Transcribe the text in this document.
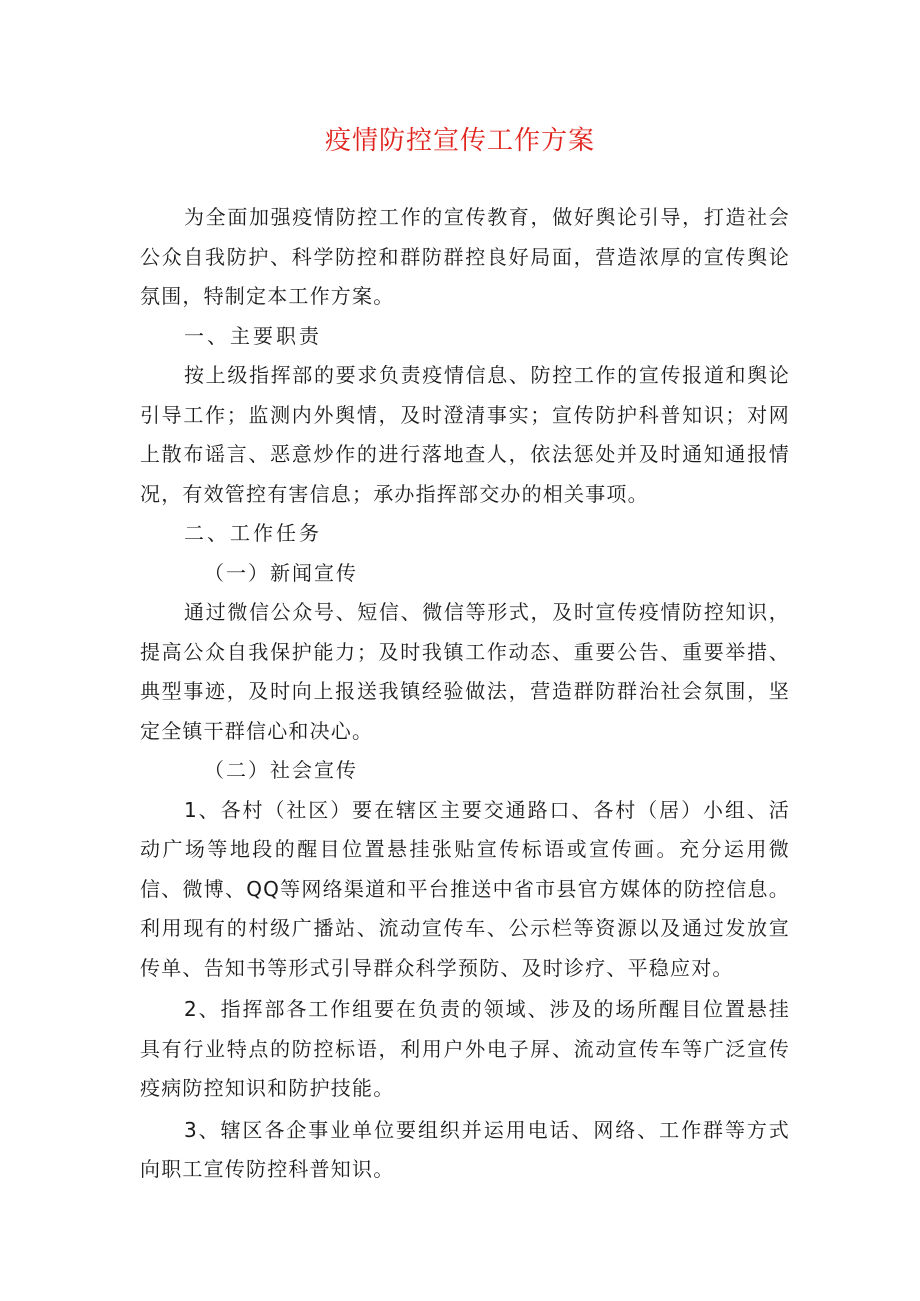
疫情防控宣传工作方案

为全面加强疫情防控工作的宣传教育，做好舆论引导，打造社会公众自我防护、科学防控和群防群控良好局面，营造浓厚的宣传舆论氛围，特制定本工作方案。

一、主要职责

按上级指挥部的要求负责疫情信息、防控工作的宣传报道和舆论引导工作；监测内外舆情，及时澄清事实；宣传防护科普知识；对网上散布谣言、恶意炒作的进行落地查人，依法惩处并及时通知通报情况，有效管控有害信息；承办指挥部交办的相关事项。

二、工作任务

（一）新闻宣传

通过微信公众号、短信、微信等形式，及时宣传疫情防控知识，提高公众自我保护能力；及时我镇工作动态、重要公告、重要举措、典型事迹，及时向上报送我镇经验做法，营造群防群治社会氛围，坚定全镇干群信心和决心。

（二）社会宣传

1、各村（社区）要在辖区主要交通路口、各村（居）小组、活动广场等地段的醒目位置悬挂张贴宣传标语或宣传画。充分运用微信、微博、QQ等网络渠道和平台推送中省市县官方媒体的防控信息。利用现有的村级广播站、流动宣传车、公示栏等资源以及通过发放宣传单、告知书等形式引导群众科学预防、及时诊疗、平稳应对。

2、指挥部各工作组要在负责的领域、涉及的场所醒目位置悬挂具有行业特点的防控标语，利用户外电子屏、流动宣传车等广泛宣传疫病防控知识和防护技能。

3、辖区各企事业单位要组织并运用电话、网络、工作群等方式向职工宣传防控科普知识。
